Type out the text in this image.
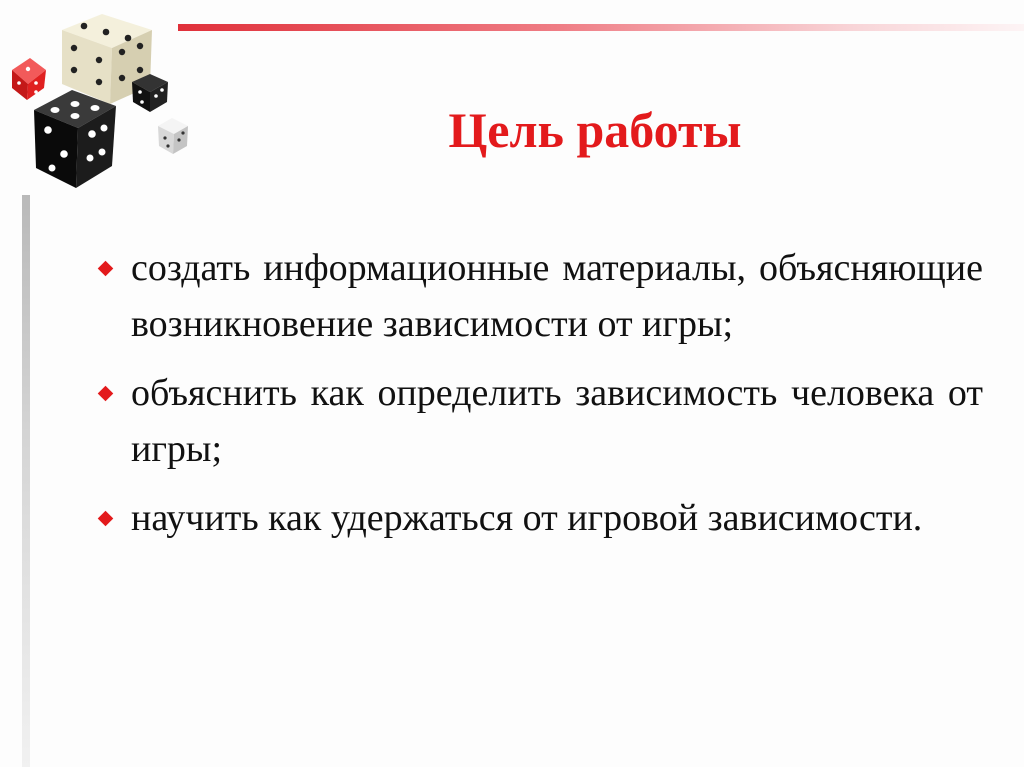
Цель работы
создать информационные материалы, объясняющие возникновение зависимости от игры;
объяснить как определить зависимость человека от игры;
научить как удержаться от игровой зависимости.
